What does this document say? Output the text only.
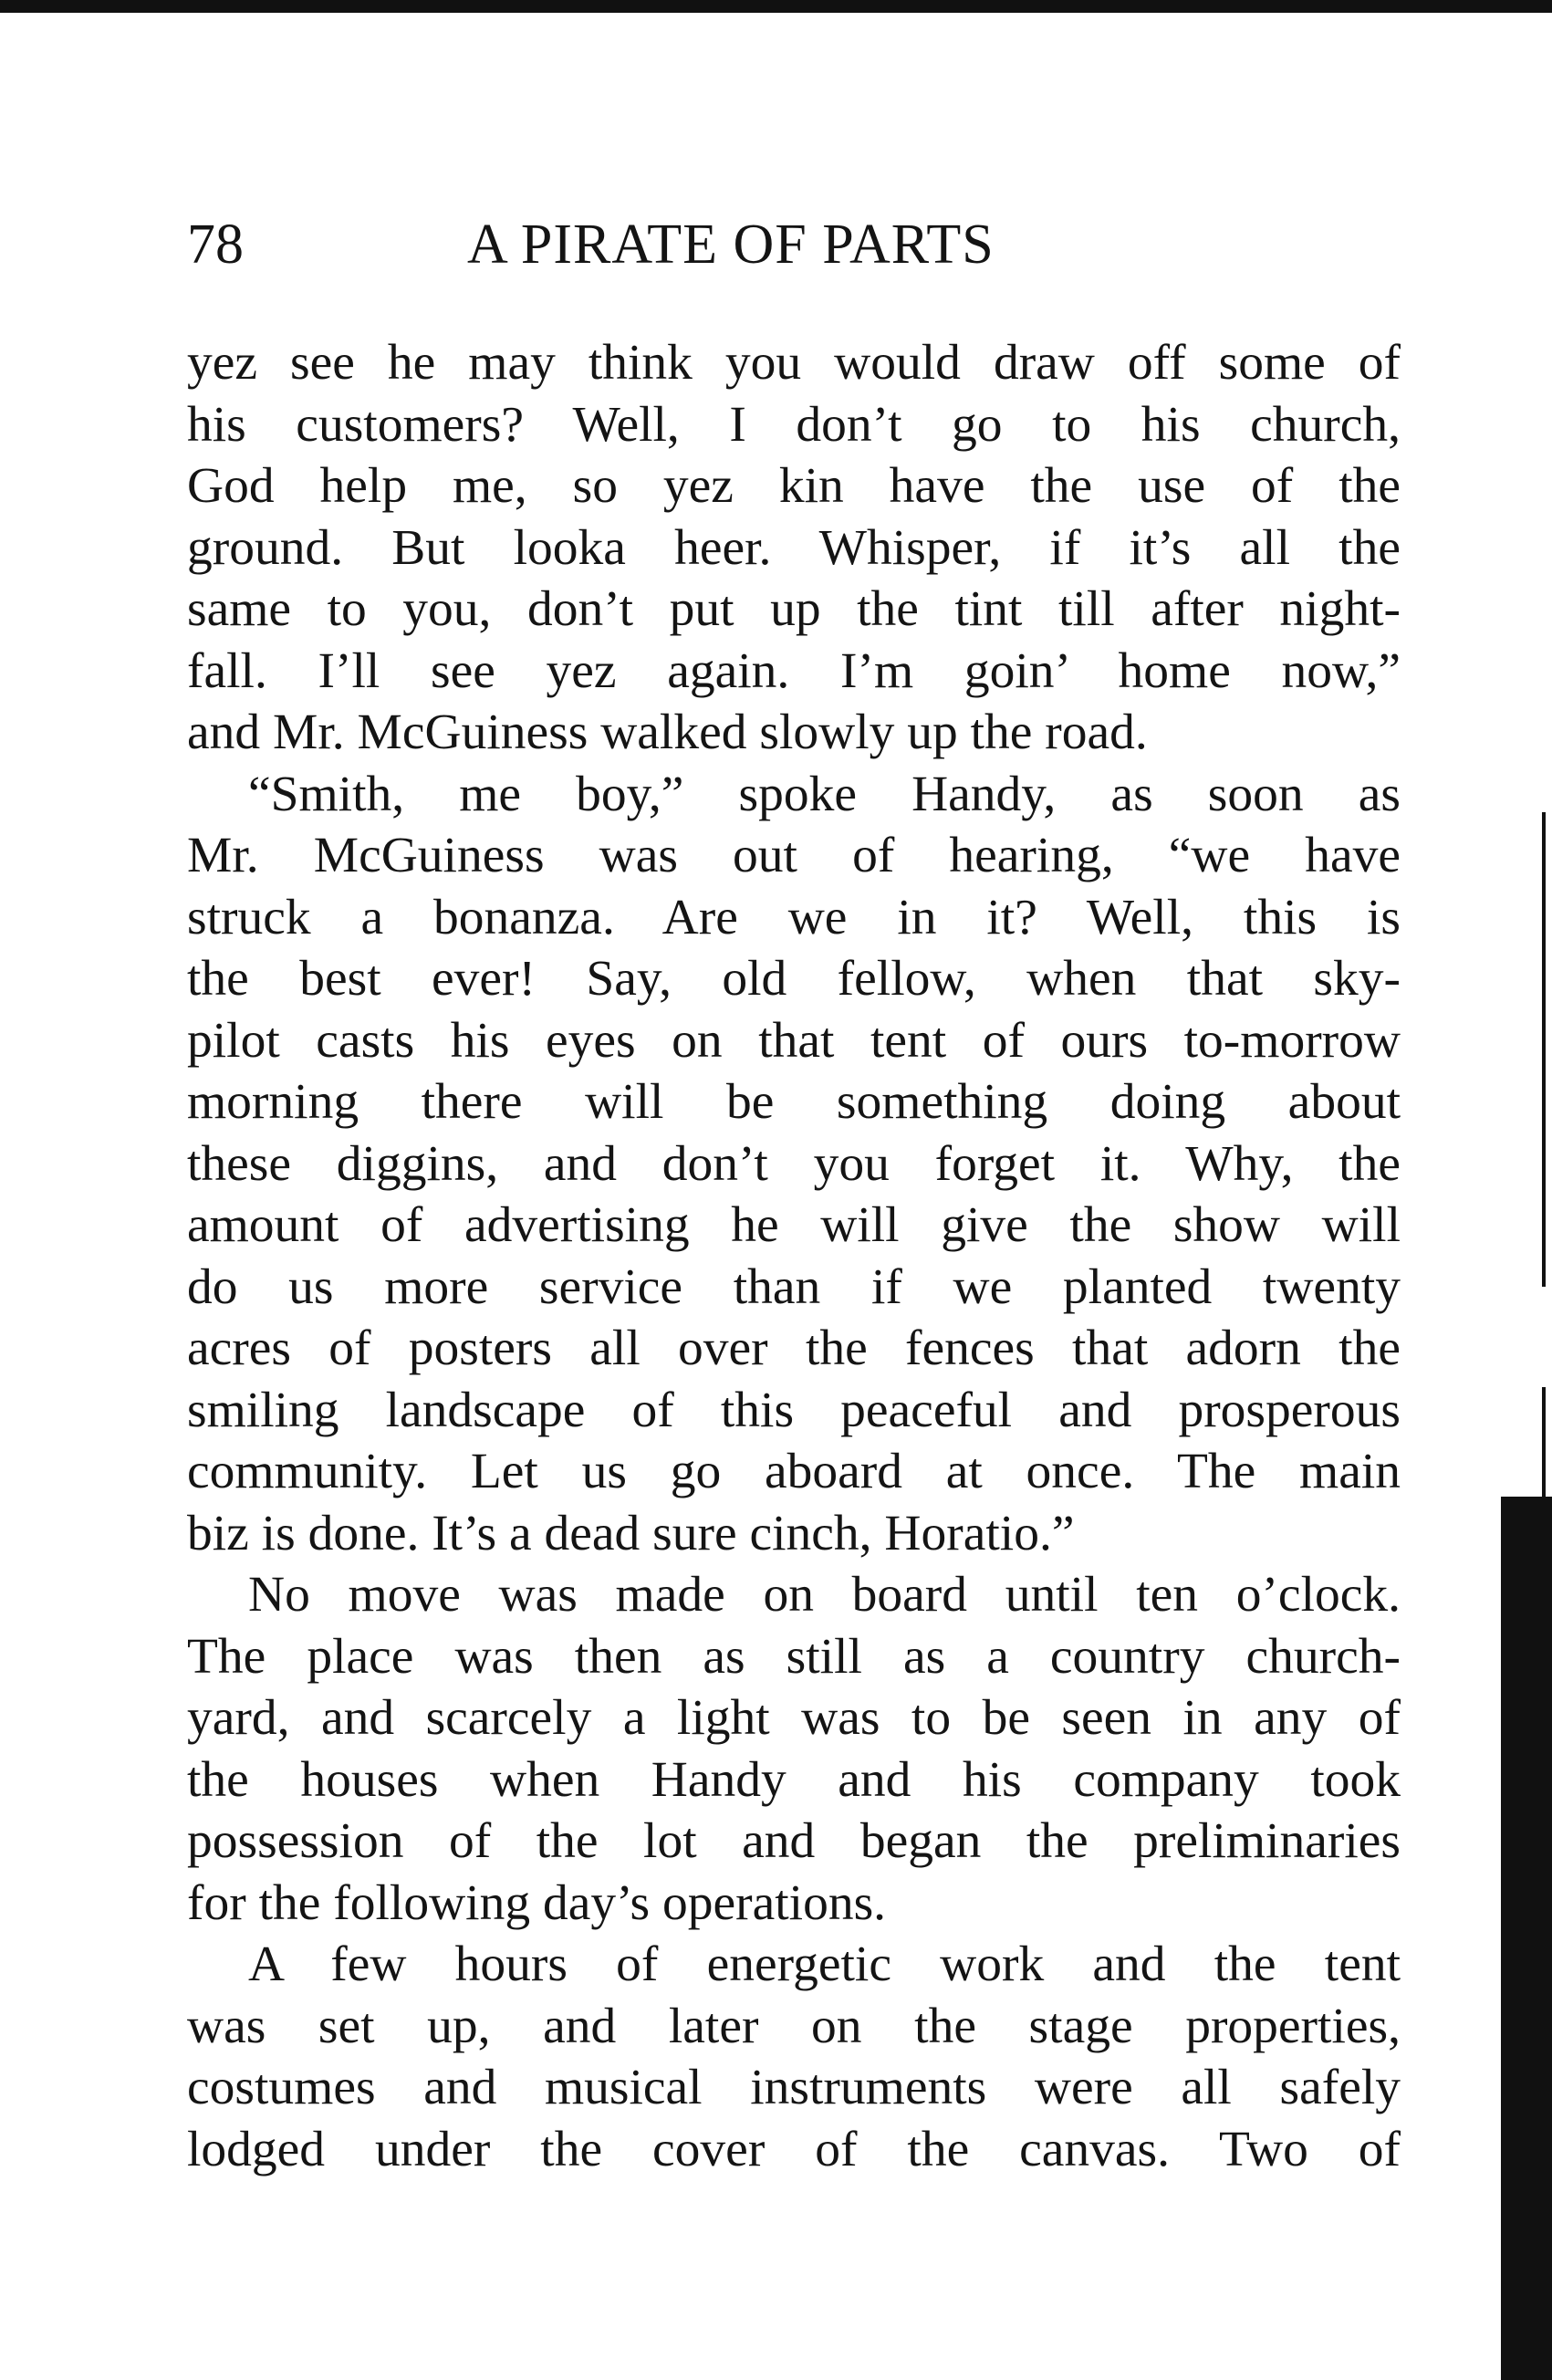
78	A PIRATE OF PARTS
yez see he may think you would draw off some of
his customers? Well, I don’t go to his church,
God help me, so yez kin have the use of the
ground. But looka heer. Whisper, if it’s all the
same to you, don’t put up the tint till after night-
fall. I’ll see yez again. I’m goin’ home now,”
and Mr. McGuiness walked slowly up the road.
“Smith, me boy,” spoke Handy, as soon as
Mr. McGuiness was out of hearing, “we have
struck a bonanza. Are we in it? Well, this is
the best ever! Say, old fellow, when that sky-
pilot casts his eyes on that tent of ours to-morrow
morning there will be something doing about
these diggins, and don’t you forget it. Why, the
amount of advertising he will give the show will
do us more service than if we planted twenty
acres of posters all over the fences that adorn the
smiling landscape of this peaceful and prosperous
community. Let us go aboard at once. The main
biz is done. It’s a dead sure cinch, Horatio.”
No move was made on board until ten o’clock.
The place was then as still as a country church-
yard, and scarcely a light was to be seen in any of
the houses when Handy and his company took
possession of the lot and began the preliminaries
for the following day’s operations.
A few hours of energetic work and the tent
was set up, and later on the stage properties,
costumes and musical instruments were all safely
lodged under the cover of the canvas. Two of
